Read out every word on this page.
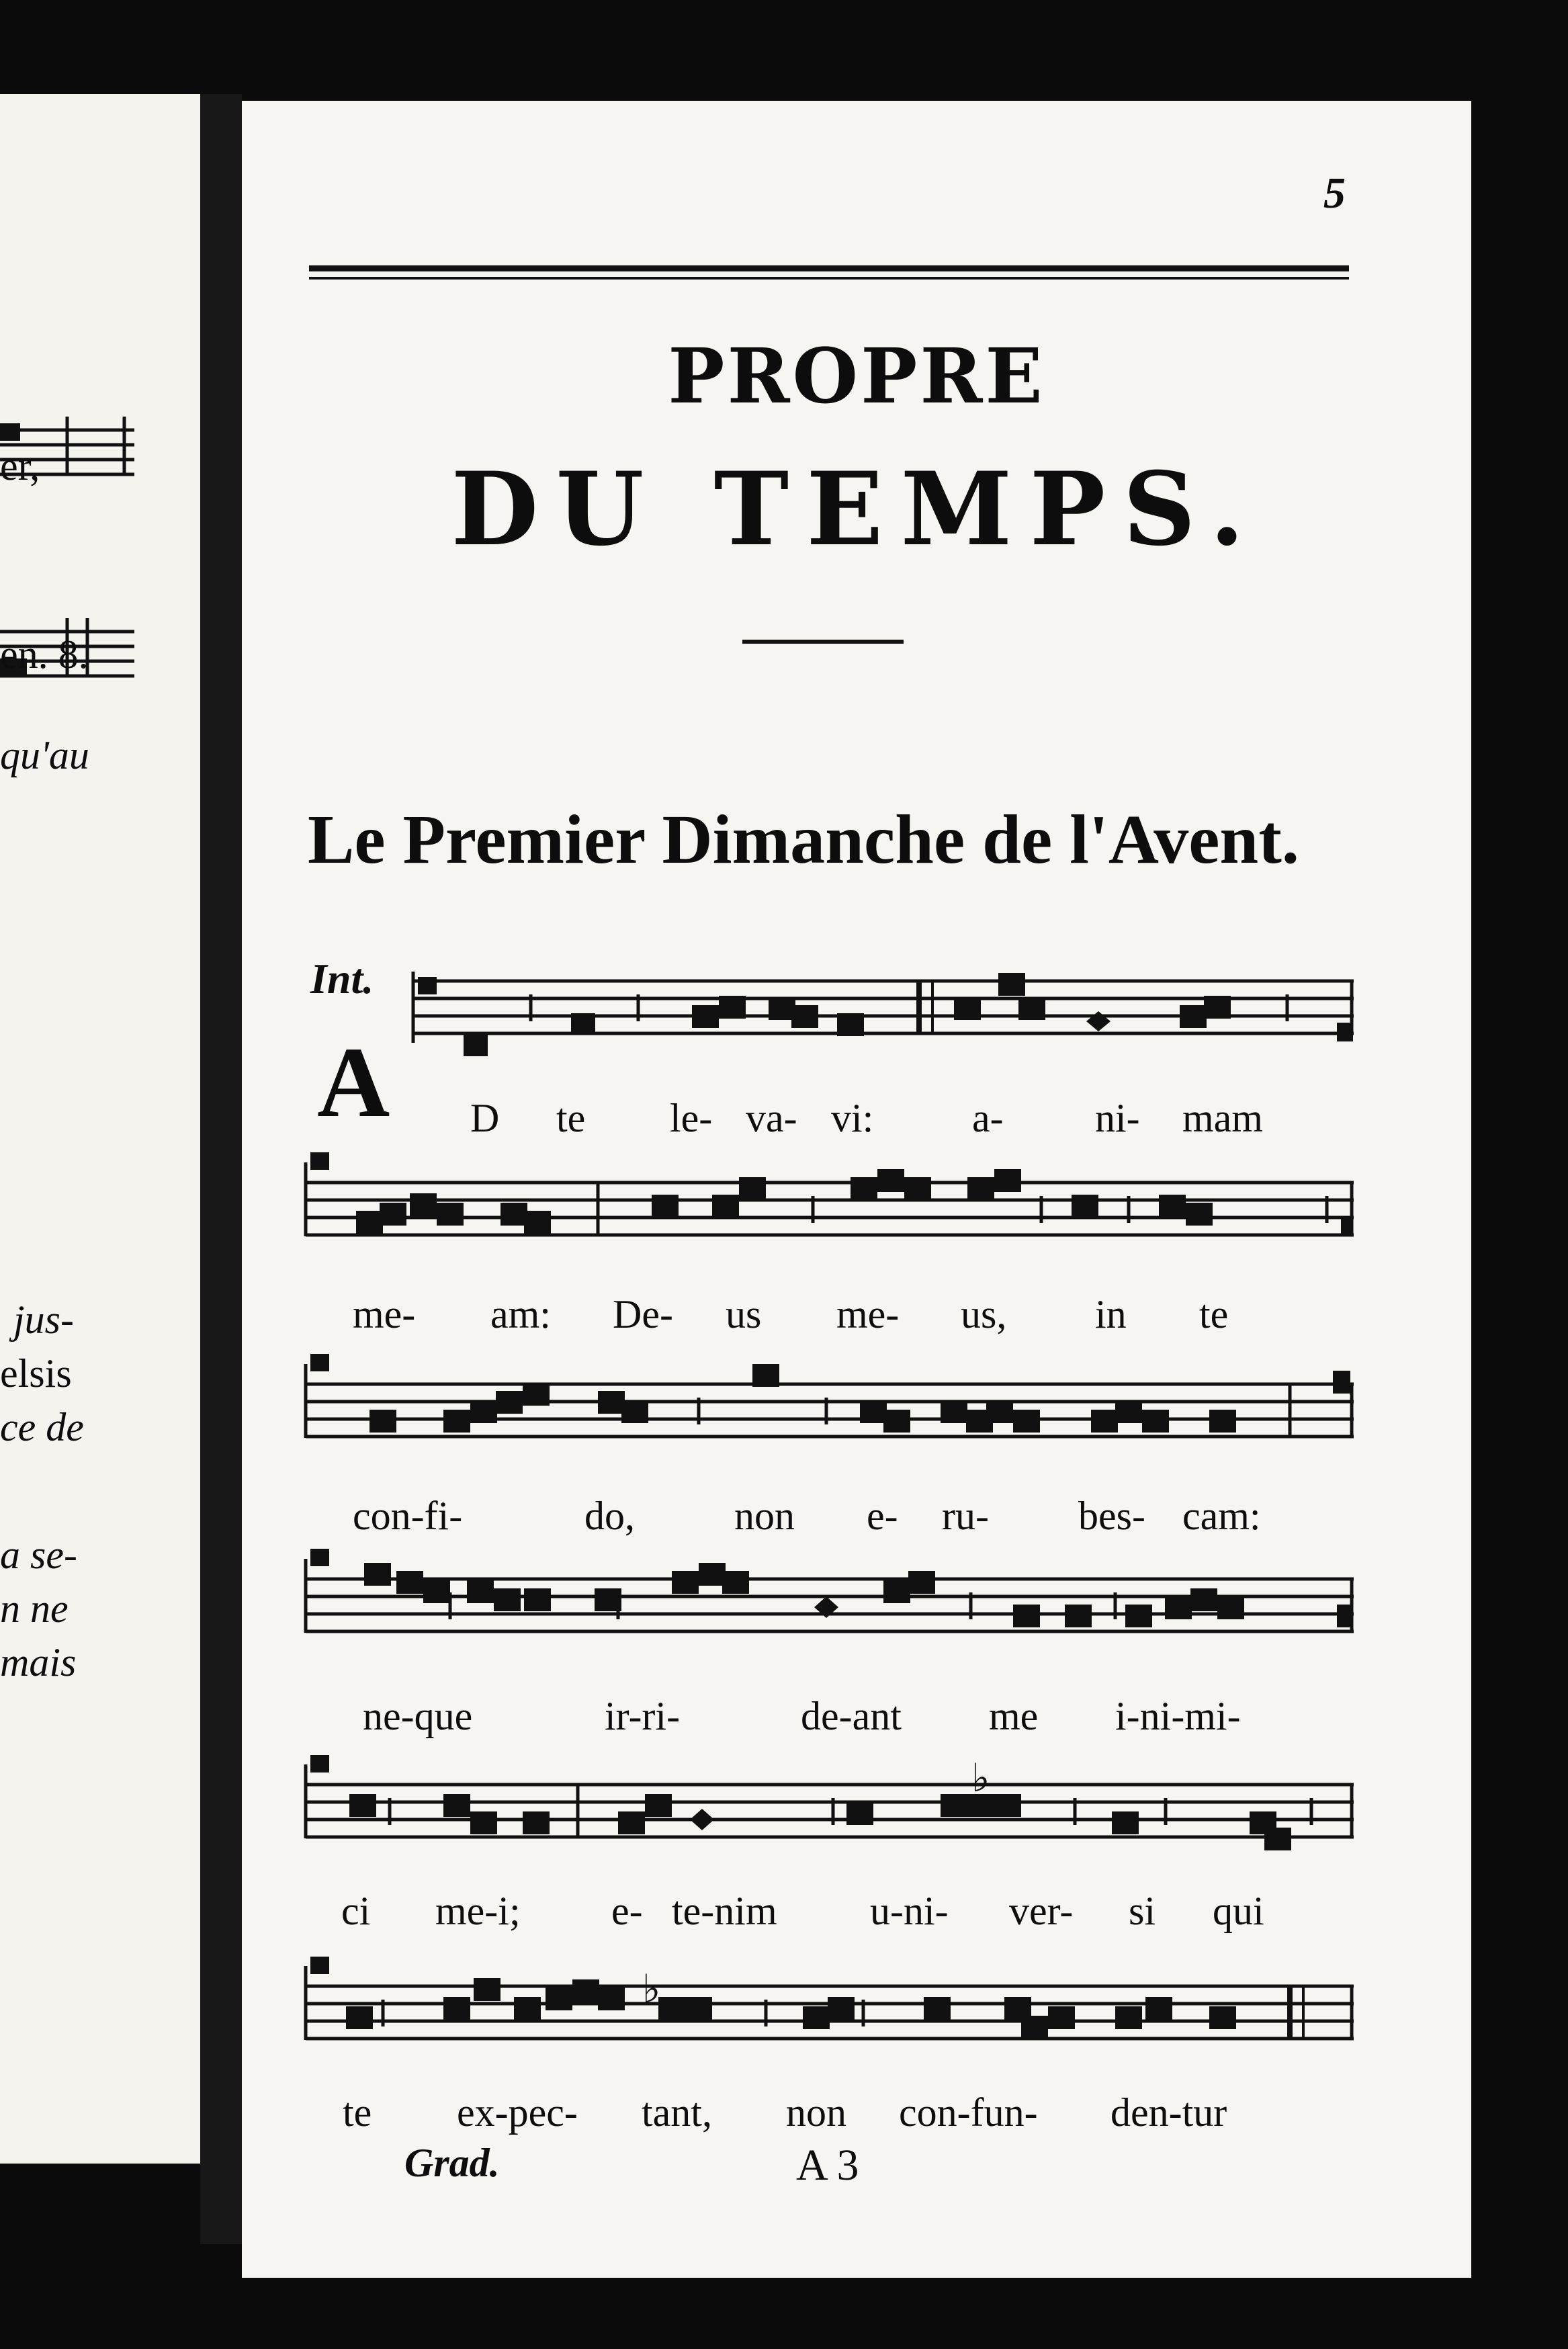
er,
en. 8.
qu'au
jus-
elsis
ce de
a se-
n ne
mais
5
PROPRE
DU TEMPS.
Le Premier Dimanche de l'Avent.
Int.
A D te le- va- vi: a- ni- mam
me- am: De- us me- us, in te
con-fi-	do, non e- ru- bes- cam:
ne-que	ir-ri-	de-ant me i-ni-mi-
♭
ci me-i; e- te-nim u-ni- ver- si qui
♭
te ex-pec- tant, non con-fun- den-tur
Grad.	A 3
